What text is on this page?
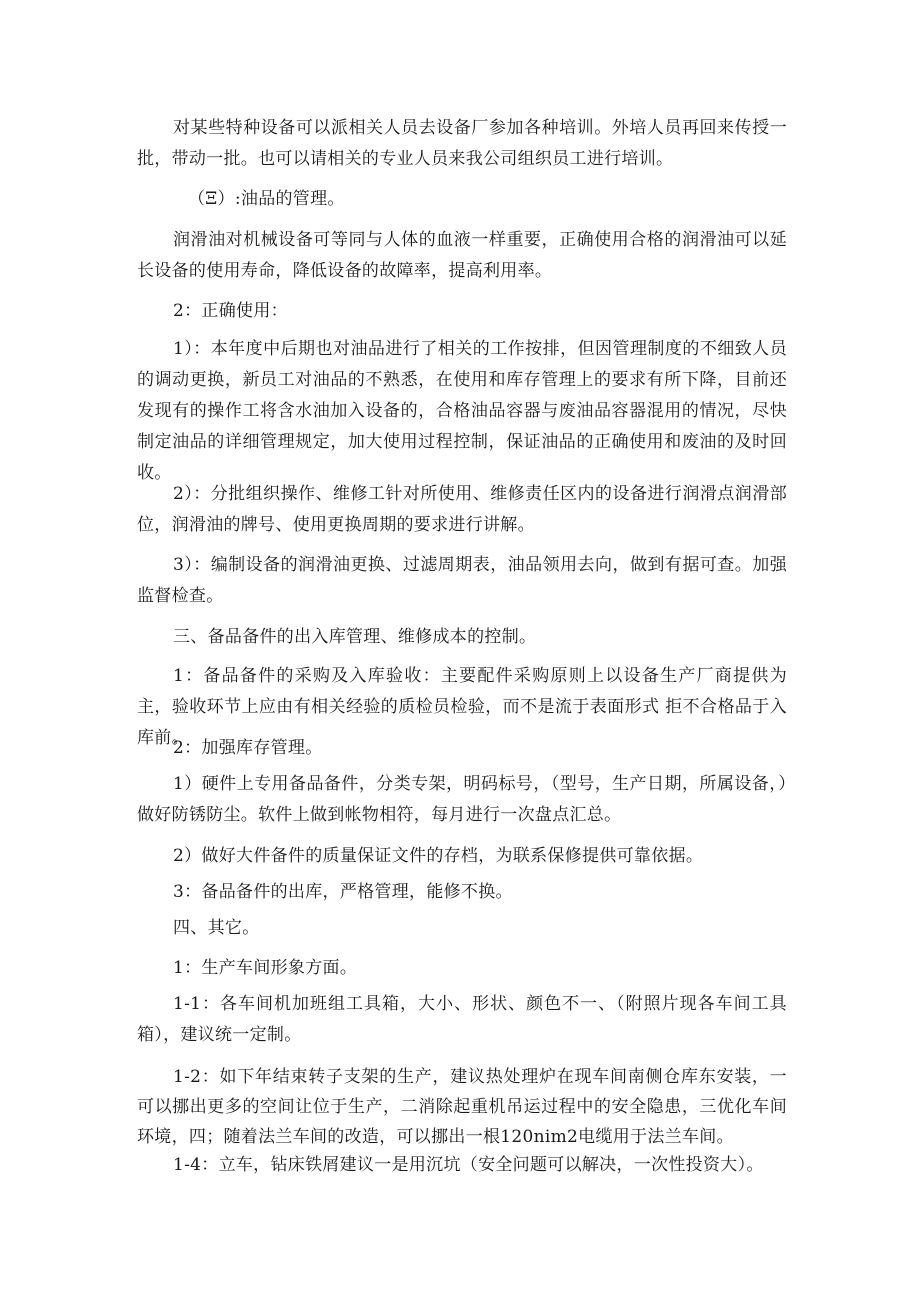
对某些特种设备可以派相关人员去设备厂参加各种培训。外培人员再回来传授一批，带动一批。也可以请相关的专业人员来我公司组织员工进行培训。

（Ξ）:油品的管理。

润滑油对机械设备可等同与人体的血液一样重要，正确使用合格的润滑油可以延长设备的使用寿命，降低设备的故障率，提高利用率。

2：正确使用：

1）：本年度中后期也对油品进行了相关的工作按排，但因管理制度的不细致人员的调动更换，新员工对油品的不熟悉，在使用和库存管理上的要求有所下降，目前还发现有的操作工将含水油加入设备的，合格油品容器与废油品容器混用的情况，尽快制定油品的详细管理规定，加大使用过程控制，保证油品的正确使用和废油的及时回收。

2）：分批组织操作、维修工针对所使用、维修责任区内的设备进行润滑点润滑部位，润滑油的牌号、使用更换周期的要求进行讲解。

3）：编制设备的润滑油更换、过滤周期表，油品领用去向，做到有据可查。加强监督检查。

三、备品备件的出入库管理、维修成本的控制。

1：备品备件的采购及入库验收：主要配件采购原则上以设备生产厂商提供为主，验收环节上应由有相关经验的质检员检验，而不是流于表面形式 拒不合格品于入库前。

2：加强库存管理。

1）硬件上专用备品备件，分类专架，明码标号，（型号，生产日期，所属设备，）做好防锈防尘。软件上做到帐物相符，每月进行一次盘点汇总。

2）做好大件备件的质量保证文件的存档，为联系保修提供可靠依据。

3：备品备件的出库，严格管理，能修不换。

四、其它。

1：生产车间形象方面。

1-1：各车间机加班组工具箱，大小、形状、颜色不一、（附照片现各车间工具箱），建议统一定制。

1-2：如下年结束转子支架的生产，建议热处理炉在现车间南侧仓库东安装，一可以挪出更多的空间让位于生产，二消除起重机吊运过程中的安全隐患，三优化车间环境，四；随着法兰车间的改造，可以挪出一根120nim2电缆用于法兰车间。

1-4：立车，钻床铁屑建议一是用沉坑（安全问题可以解决，一次性投资大）。
